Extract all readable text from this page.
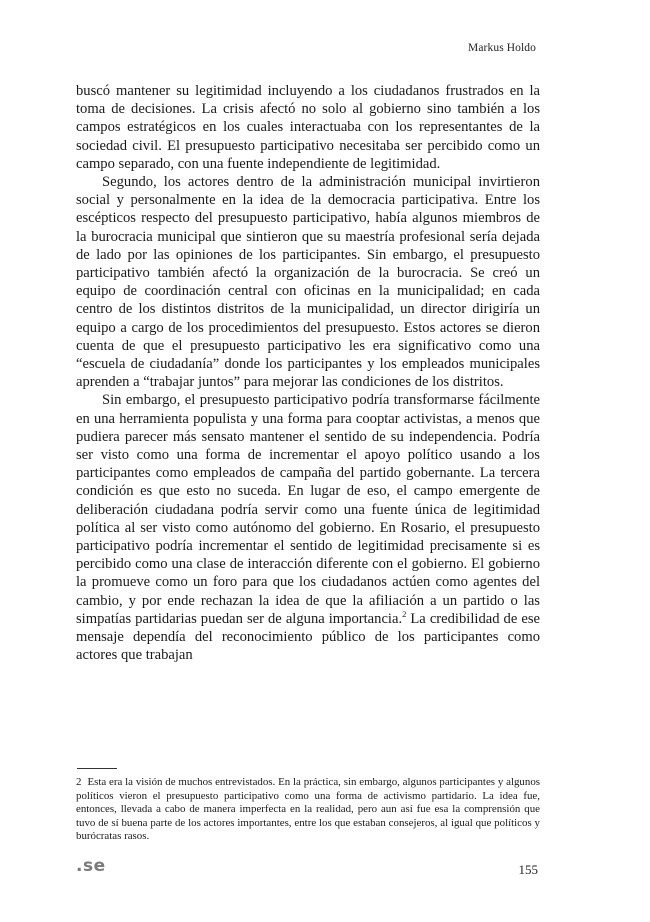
Markus Holdo

buscó mantener su legitimidad incluyendo a los ciudadanos frustrados en la toma de decisiones. La crisis afectó no solo al gobierno sino también a los campos estratégicos en los cuales interactuaba con los representantes de la sociedad civil. El presupuesto participativo necesitaba ser percibido como un campo separado, con una fuente independiente de legitimidad.

Segundo, los actores dentro de la administración municipal invirtieron social y personalmente en la idea de la democracia participativa. Entre los escépticos respecto del presupuesto participativo, había algunos miembros de la burocracia municipal que sintieron que su maestría profesional sería dejada de lado por las opiniones de los participantes. Sin embargo, el presupuesto participativo también afectó la organización de la burocracia. Se creó un equipo de coordinación central con oficinas en la municipalidad; en cada centro de los distintos distritos de la municipalidad, un director dirigiría un equipo a cargo de los procedimientos del presupuesto. Estos actores se dieron cuenta de que el presupuesto participativo les era significativo como una “escuela de ciudadanía” donde los participantes y los empleados municipales aprenden a “trabajar juntos” para mejorar las condiciones de los distritos.

Sin embargo, el presupuesto participativo podría transformarse fácilmente en una herramienta populista y una forma para cooptar activistas, a menos que pudiera parecer más sensato mantener el sentido de su independencia. Podría ser visto como una forma de incrementar el apoyo político usando a los participantes como empleados de campaña del partido gobernante. La tercera condición es que esto no suceda. En lugar de eso, el campo emergente de deliberación ciudadana podría servir como una fuente única de legitimidad política al ser visto como autónomo del gobierno. En Rosario, el presupuesto participativo podría incrementar el sentido de legitimidad precisamente si es percibido como una clase de interacción diferente con el gobierno. El gobierno la promueve como un foro para que los ciudadanos actúen como agentes del cambio, y por ende rechazan la idea de que la afiliación a un partido o las simpatías partidarias puedan ser de alguna importancia.$^2$ La credibilidad de ese mensaje dependía del reconocimiento público de los participantes como actores que trabajan

2 Esta era la visión de muchos entrevistados. En la práctica, sin embargo, algunos participantes y algunos políticos vieron el presupuesto participativo como una forma de activismo partidario. La idea fue, entonces, llevada a cabo de manera imperfecta en la realidad, pero aun así fue esa la comprensión que tuvo de sí buena parte de los actores importantes, entre los que estaban consejeros, al igual que políticos y burócratas rasos.
.se	155
